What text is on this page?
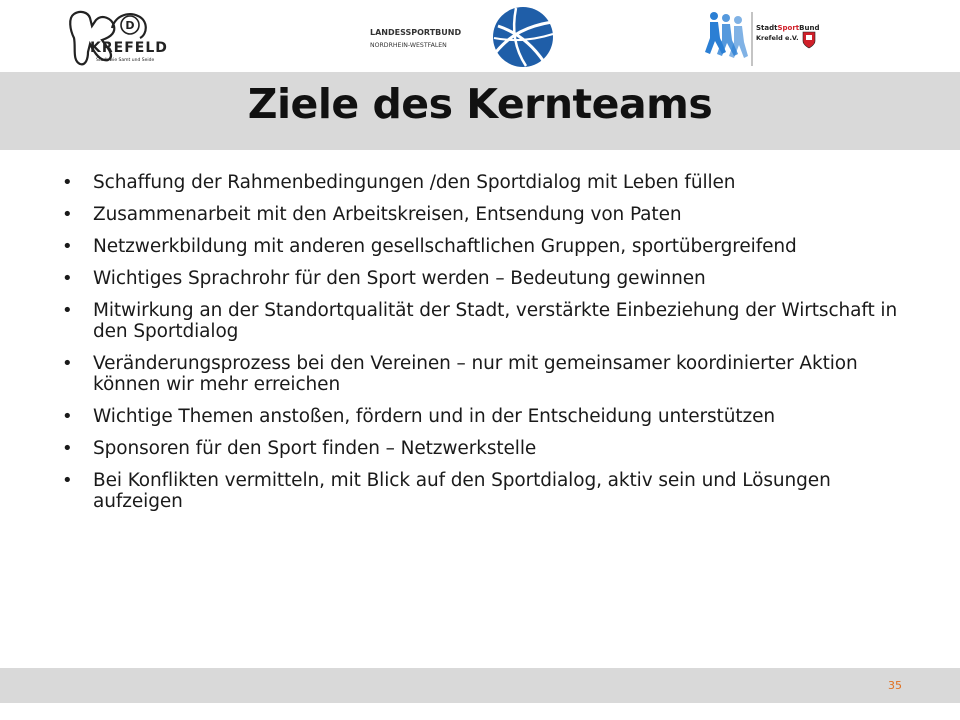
D
KREFELD
Stadt wie Samt und Seide
LANDESSPORTBUND
NORDRHEIN-WESTFALEN
StadtSportBund
Krefeld e.V.
Ziele des Kernteams
• Schaffung der Rahmenbedingungen /den Sportdialog mit Leben füllen
• Zusammenarbeit mit den Arbeitskreisen, Entsendung von Paten
• Netzwerkbildung mit anderen gesellschaftlichen Gruppen, sportübergreifend
• Wichtiges Sprachrohr für den Sport werden – Bedeutung gewinnen
• Mitwirkung an der Standortqualität der Stadt, verstärkte Einbeziehung der Wirtschaft in den Sportdialog
• Veränderungsprozess bei den Vereinen – nur mit gemeinsamer koordinierter Aktion können wir mehr erreichen
• Wichtige Themen anstoßen, fördern und in der Entscheidung unterstützen
• Sponsoren für den Sport finden – Netzwerkstelle
• Bei Konflikten vermitteln, mit Blick auf den Sportdialog, aktiv sein und Lösungen aufzeigen
35
